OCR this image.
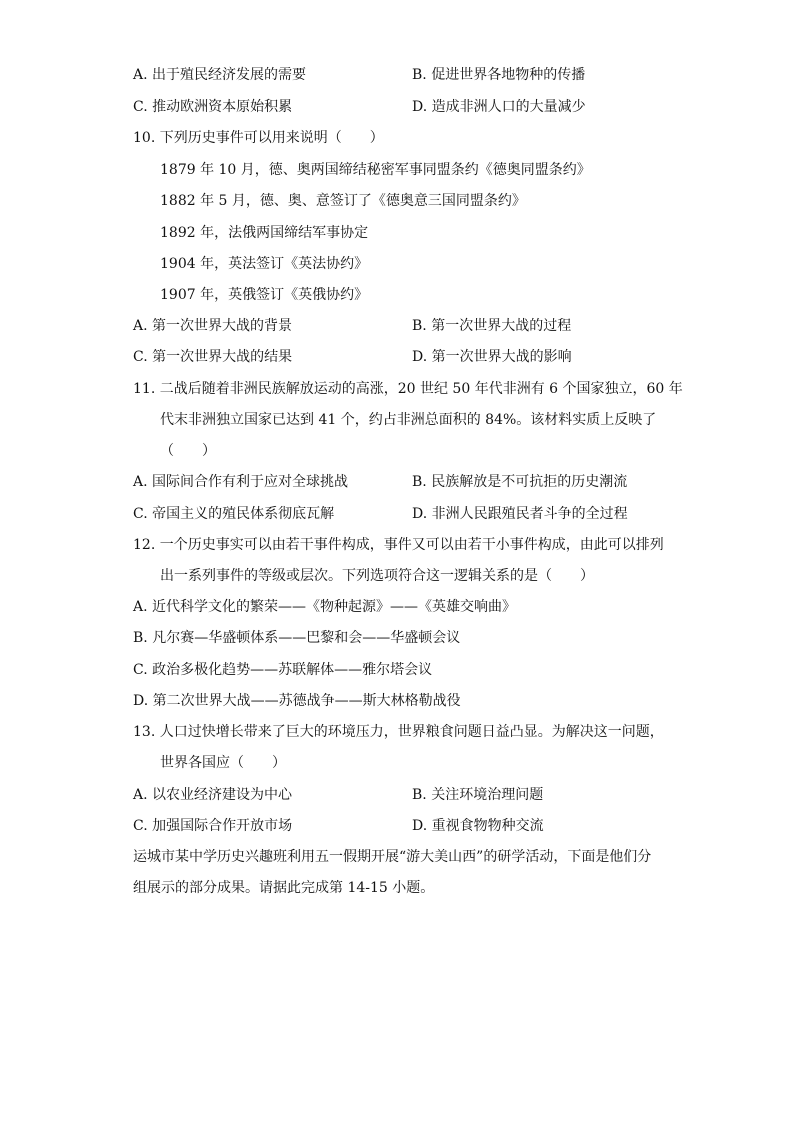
A. 出于殖民经济发展的需要	B. 促进世界各地物种的传播
C. 推动欧洲资本原始积累	D. 造成非洲人口的大量减少
10. 下列历史事件可以用来说明（　　）
1879 年 10 月，德、奥两国缔结秘密军事同盟条约《德奥同盟条约》
1882 年 5 月，德、奥、意签订了《德奥意三国同盟条约》
1892 年，法俄两国缔结军事协定
1904 年，英法签订《英法协约》
1907 年，英俄签订《英俄协约》
A. 第一次世界大战的背景	B. 第一次世界大战的过程
C. 第一次世界大战的结果	D. 第一次世界大战的影响
11. 二战后随着非洲民族解放运动的高涨，20 世纪 50 年代非洲有 6 个国家独立，60 年
代末非洲独立国家已达到 41 个，约占非洲总面积的 84%。该材料实质上反映了
（　　）
A. 国际间合作有利于应对全球挑战	B. 民族解放是不可抗拒的历史潮流
C. 帝国主义的殖民体系彻底瓦解	D. 非洲人民跟殖民者斗争的全过程
12. 一个历史事实可以由若干事件构成，事件又可以由若干小事件构成，由此可以排列
出一系列事件的等级或层次。下列选项符合这一逻辑关系的是（　　）
A. 近代科学文化的繁荣——《物种起源》——《英雄交响曲》
B. 凡尔赛—华盛顿体系——巴黎和会——华盛顿会议
C. 政治多极化趋势——苏联解体——雅尔塔会议
D. 第二次世界大战——苏德战争——斯大林格勒战役
13. 人口过快增长带来了巨大的环境压力，世界粮食问题日益凸显。为解决这一问题，
世界各国应（　　）
A. 以农业经济建设为中心	B. 关注环境治理问题
C. 加强国际合作开放市场	D. 重视食物物种交流
运城市某中学历史兴趣班利用五一假期开展“游大美山西”的研学活动，下面是他们分
组展示的部分成果。请据此完成第 14-15 小题。
